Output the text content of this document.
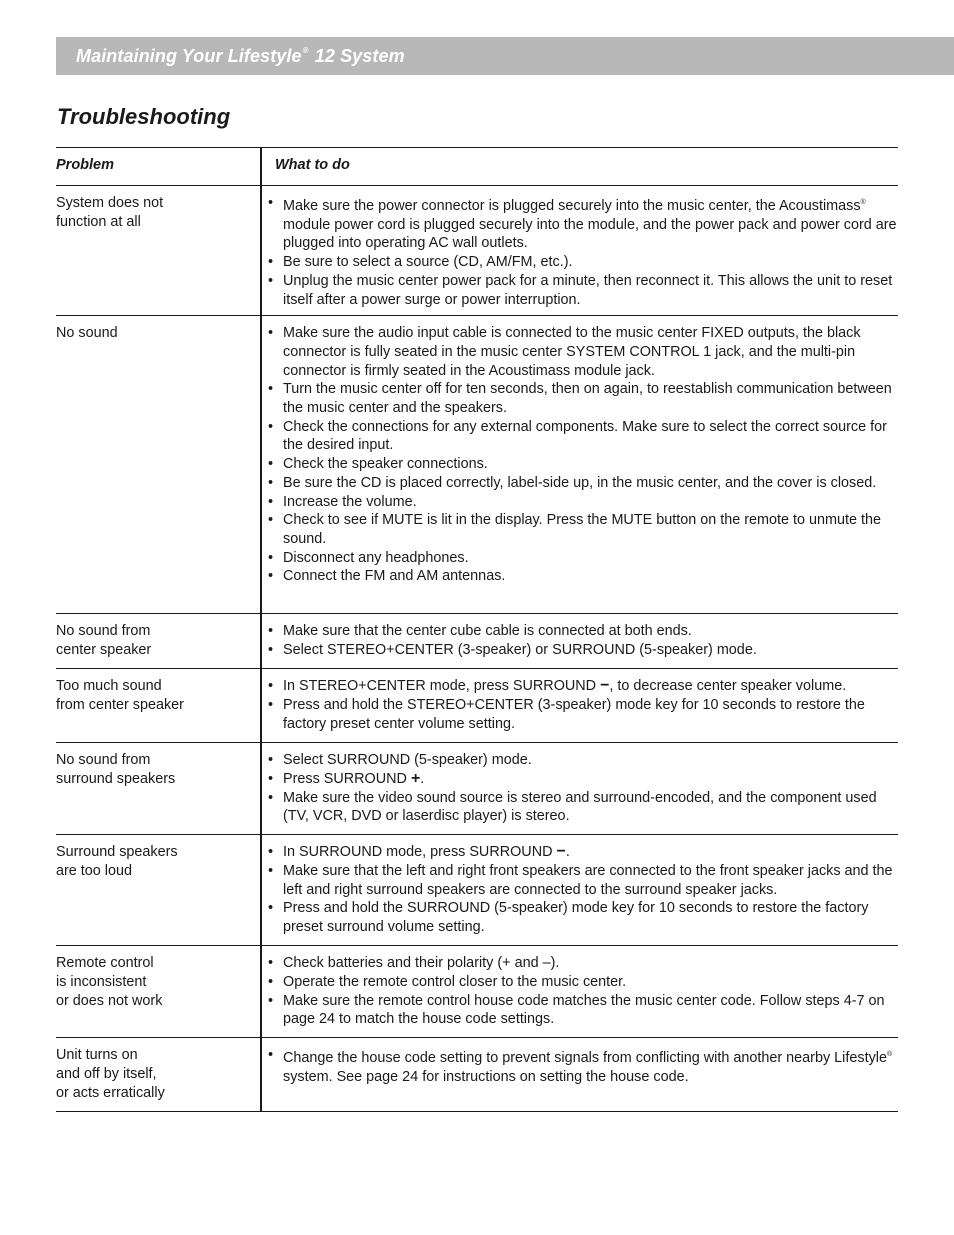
Maintaining Your Lifestyle® 12 System
Troubleshooting
Problem	What to do
System does not
function at all
• Make sure the power connector is plugged securely into the music center, the Acoustimass® module power cord is plugged securely into the module, and the power pack and power cord are plugged into operating AC wall outlets.
• Be sure to select a source (CD, AM/FM, etc.).
• Unplug the music center power pack for a minute, then reconnect it. This allows the unit to reset itself after a power surge or power interruption.
No sound	• Make sure the audio input cable is connected to the music center FIXED outputs, the black connector is fully seated in the music center SYSTEM CONTROL 1 jack, and the multi-pin connector is firmly seated in the Acoustimass module jack.
• Turn the music center off for ten seconds, then on again, to reestablish communication between the music center and the speakers.
• Check the connections for any external components. Make sure to select the correct source for the desired input.
• Check the speaker connections.
• Be sure the CD is placed correctly, label-side up, in the music center, and the cover is closed.
• Increase the volume.
• Check to see if MUTE is lit in the display. Press the MUTE button on the remote to unmute the sound.
• Disconnect any headphones.
• Connect the FM and AM antennas.
No sound from
center speaker
• Make sure that the center cube cable is connected at both ends.
• Select STEREO+CENTER (3-speaker) or SURROUND (5-speaker) mode.
Too much sound
from center speaker
• In STEREO+CENTER mode, press SURROUND −, to decrease center speaker volume.
• Press and hold the STEREO+CENTER (3-speaker) mode key for 10 seconds to restore the factory preset center volume setting.
No sound from
surround speakers
• Select SURROUND (5-speaker) mode.
• Press SURROUND +.
• Make sure the video sound source is stereo and surround-encoded, and the component used (TV, VCR, DVD or laserdisc player) is stereo.
Surround speakers
are too loud
• In SURROUND mode, press SURROUND −.
• Make sure that the left and right front speakers are connected to the front speaker jacks and the left and right surround speakers are connected to the surround speaker jacks.
• Press and hold the SURROUND (5-speaker) mode key for 10 seconds to restore the factory preset surround volume setting.
Remote control
is inconsistent
or does not work
• Check batteries and their polarity (+ and –).
• Operate the remote control closer to the music center.
• Make sure the remote control house code matches the music center code. Follow steps 4-7 on page 24 to match the house code settings.
Unit turns on
and off by itself,
or acts erratically
• Change the house code setting to prevent signals from conflicting with another nearby Lifestyle® system. See page 24 for instructions on setting the house code.
